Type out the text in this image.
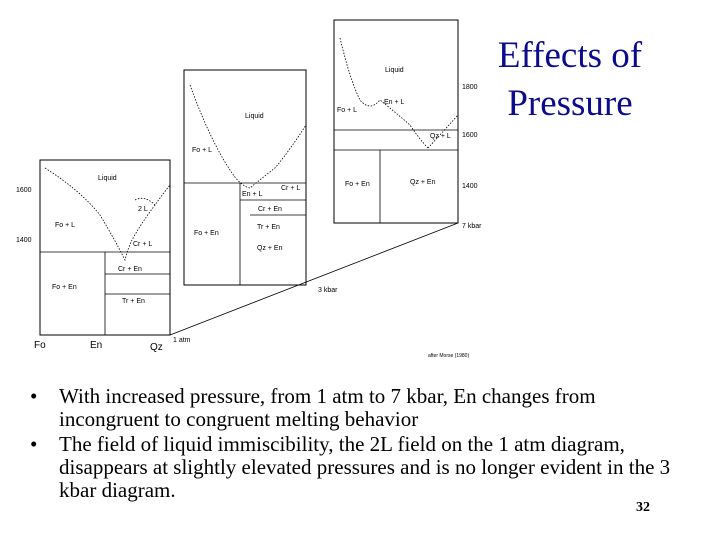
Effects of Pressure
Liquid
Fo + L
En + L
Qz + L
Fo + En	Qz + En
1800
1600
1400
7 kbar
Liquid
Fo + L
En + L
Cr + L
Cr + En
Fo + En
Tr + En
Qz + En
Liquid
Fo + L
2 L
Cr + L
Cr + En
Fo + En
Tr + En
1600
1400
1 atm
3 kbar
Fo	En	Qz
after Morse (1980)
• With increased pressure, from 1 atm to 7 kbar, En changes from incongruent to congruent melting behavior
• The field of liquid immiscibility, the 2L field on the 1 atm diagram, disappears at slightly elevated pressures and is no longer evident in the 3 kbar diagram.
32
